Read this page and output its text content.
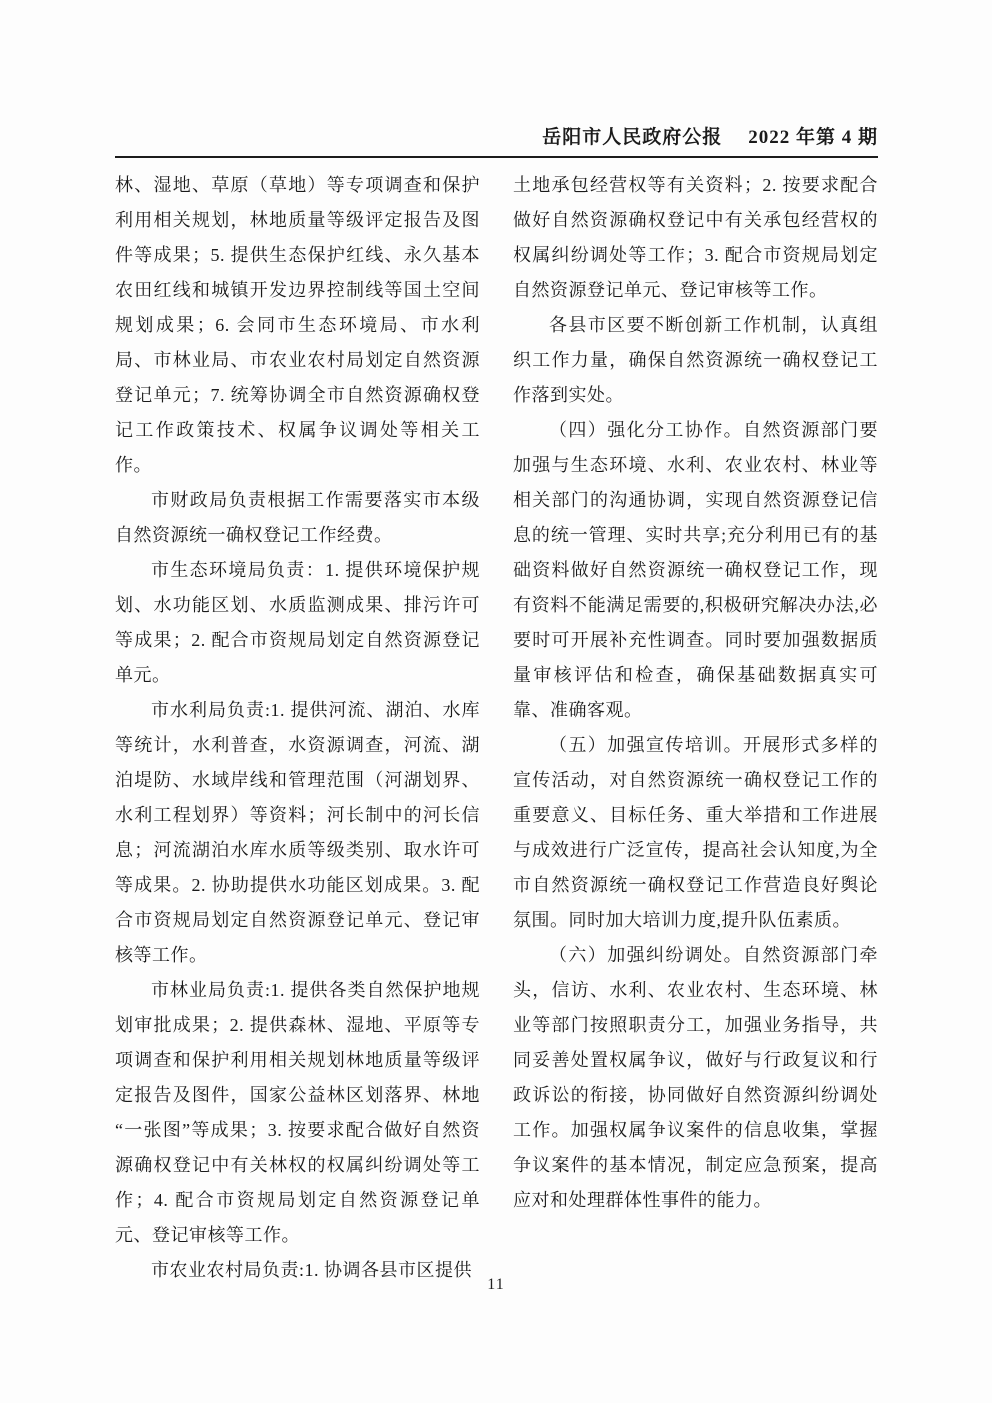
岳阳市人民政府公报 2022 年第 4 期

林、湿地、草原（草地）等专项调查和保护利用相关规划，林地质量等级评定报告及图件等成果；5. 提供生态保护红线、永久基本农田红线和城镇开发边界控制线等国土空间规划成果；6. 会同市生态环境局、市水利局、市林业局、市农业农村局划定自然资源登记单元；7. 统筹协调全市自然资源确权登记工作政策技术、权属争议调处等相关工作。

市财政局负责根据工作需要落实市本级自然资源统一确权登记工作经费。

市生态环境局负责：1. 提供环境保护规划、水功能区划、水质监测成果、排污许可等成果；2. 配合市资规局划定自然资源登记单元。

市水利局负责:1. 提供河流、湖泊、水库等统计，水利普查，水资源调查，河流、湖泊堤防、水域岸线和管理范围（河湖划界、水利工程划界）等资料；河长制中的河长信息；河流湖泊水库水质等级类别、取水许可等成果。2. 协助提供水功能区划成果。3. 配合市资规局划定自然资源登记单元、登记审核等工作。

市林业局负责:1. 提供各类自然保护地规划审批成果；2. 提供森林、湿地、平原等专项调查和保护利用相关规划林地质量等级评定报告及图件，国家公益林区划落界、林地“一张图”等成果；3. 按要求配合做好自然资源确权登记中有关林权的权属纠纷调处等工作；4. 配合市资规局划定自然资源登记单元、登记审核等工作。

市农业农村局负责:1. 协调各县市区提供

土地承包经营权等有关资料；2. 按要求配合做好自然资源确权登记中有关承包经营权的权属纠纷调处等工作；3. 配合市资规局划定自然资源登记单元、登记审核等工作。

各县市区要不断创新工作机制，认真组织工作力量，确保自然资源统一确权登记工作落到实处。

（四）强化分工协作。自然资源部门要加强与生态环境、水利、农业农村、林业等相关部门的沟通协调，实现自然资源登记信息的统一管理、实时共享;充分利用已有的基础资料做好自然资源统一确权登记工作，现有资料不能满足需要的,积极研究解决办法,必要时可开展补充性调查。同时要加强数据质量审核评估和检查，确保基础数据真实可靠、准确客观。

（五）加强宣传培训。开展形式多样的宣传活动，对自然资源统一确权登记工作的重要意义、目标任务、重大举措和工作进展与成效进行广泛宣传，提高社会认知度,为全市自然资源统一确权登记工作营造良好舆论氛围。同时加大培训力度,提升队伍素质。

（六）加强纠纷调处。自然资源部门牵头，信访、水利、农业农村、生态环境、林业等部门按照职责分工，加强业务指导，共同妥善处置权属争议，做好与行政复议和行政诉讼的衔接，协同做好自然资源纠纷调处工作。加强权属争议案件的信息收集，掌握争议案件的基本情况，制定应急预案，提高应对和处理群体性事件的能力。

11
